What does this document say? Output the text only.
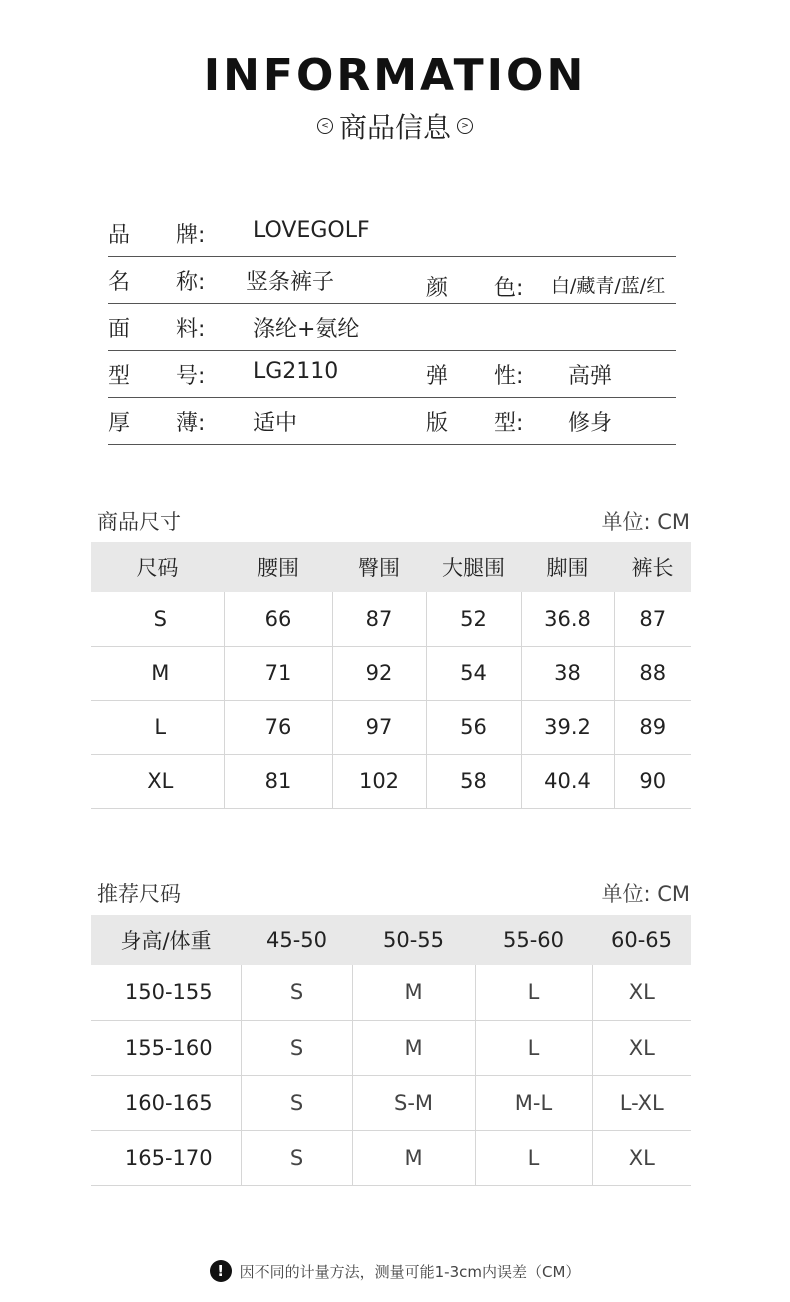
INFORMATION
< 商品信息	>
品 牌: LOVEGOLF
名 称: 竖条裤子	颜 色: 白/藏青/蓝/红
面 料: 涤纶+氨纶
型 号: LG2110	弹 性: 高弹
厚 薄: 适中	版 型: 修身
商品尺寸	单位: CM
尺码	腰围	臀围	大腿围	脚围	裤长
S	66	87	52	36.8	87
M	71	92	54	38	88
L	76	97	56	39.2	89
XL	81	102	58	40.4	90
推荐尺码	单位: CM
身高/体重	45-50	50-55	55-60	60-65
150-155	S	M	L	XL
155-160	S	M	L	XL
160-165	S	S-M	M-L	L-XL
165-170	S	M	L	XL
!	因不同的计量方法，测量可能1-3cm内误差（CM）
